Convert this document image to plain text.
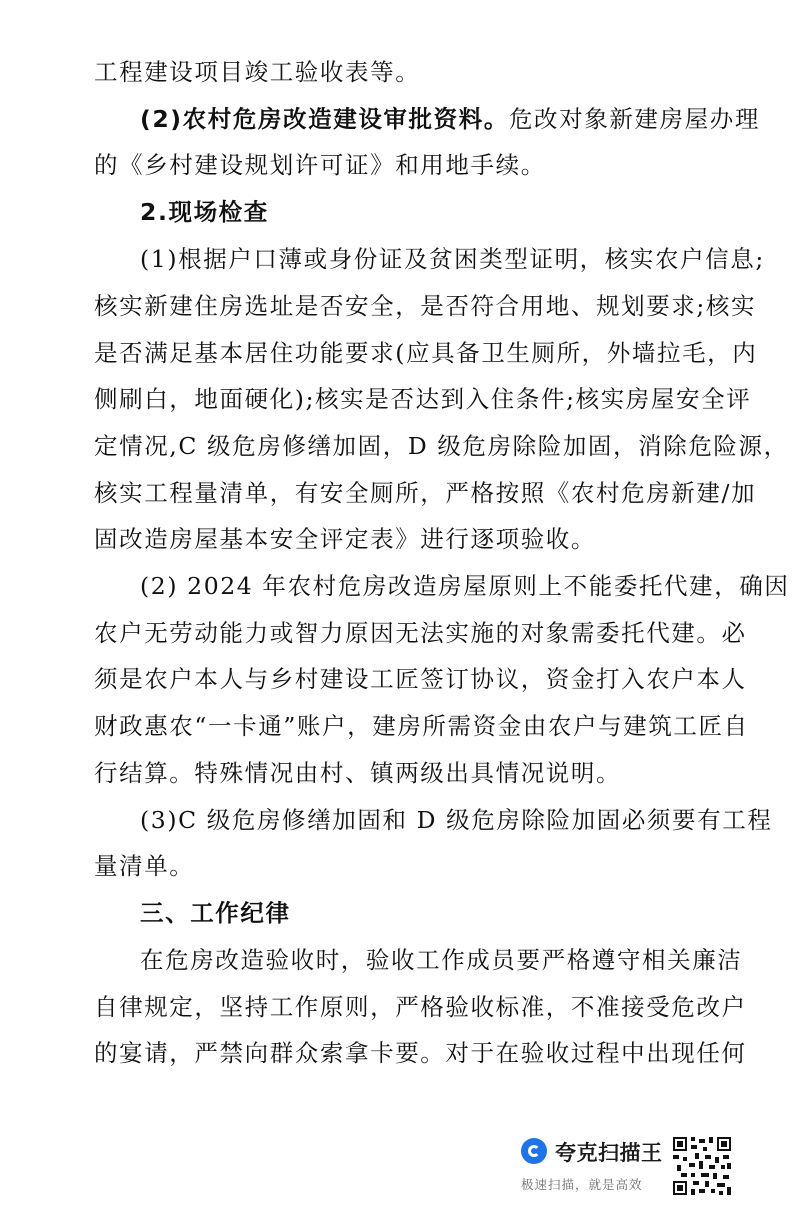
工程建设项目竣工验收表等。
(2)农村危房改造建设审批资料。危改对象新建房屋办理
的《乡村建设规划许可证》和用地手续。
2.现场检查
(1)根据户口薄或身份证及贫困类型证明，核实农户信息;
核实新建住房选址是否安全，是否符合用地、规划要求;核实
是否满足基本居住功能要求(应具备卫生厕所，外墙拉毛，内
侧刷白，地面硬化);核实是否达到入住条件;核实房屋安全评
定情况,C 级危房修缮加固，D 级危房除险加固，消除危险源，
核实工程量清单，有安全厕所，严格按照《农村危房新建/加
固改造房屋基本安全评定表》进行逐项验收。
(2) 2024 年农村危房改造房屋原则上不能委托代建，确因
农户无劳动能力或智力原因无法实施的对象需委托代建。必
须是农户本人与乡村建设工匠签订协议，资金打入农户本人
财政惠农“一卡通”账户，建房所需资金由农户与建筑工匠自
行结算。特殊情况由村、镇两级出具情况说明。
(3)C 级危房修缮加固和 D 级危房除险加固必须要有工程
量清单。
三、工作纪律
在危房改造验收时，验收工作成员要严格遵守相关廉洁
自律规定，坚持工作原则，严格验收标准，不准接受危改户
的宴请，严禁向群众索拿卡要。对于在验收过程中出现任何
夸克扫描王
极速扫描，就是高效
